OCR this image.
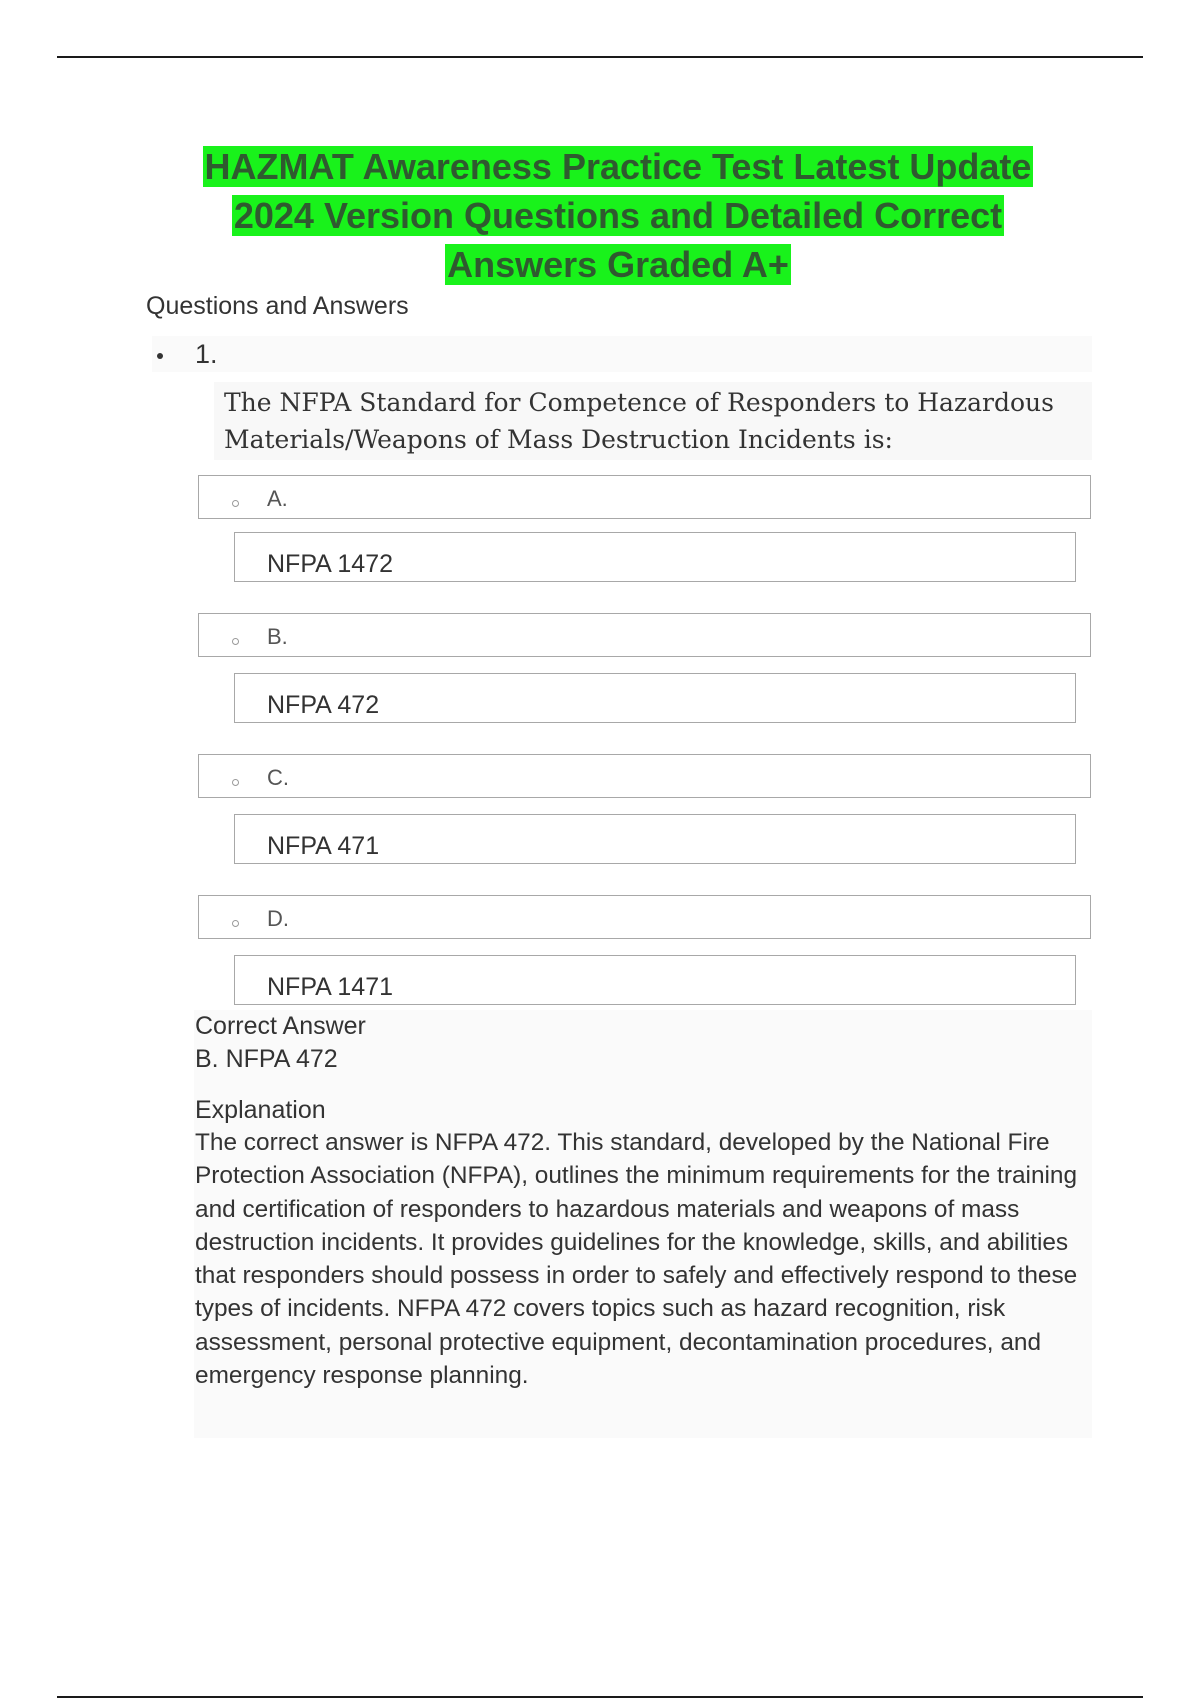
HAZMAT Awareness Practice Test Latest Update
2024 Version Questions and Detailed Correct
Answers Graded A+
Questions and Answers
1.
The NFPA Standard for Competence of Responders to Hazardous Materials/Weapons of Mass Destruction Incidents is:
A.
NFPA 1472
B.
NFPA 472
C.
NFPA 471
D.
NFPA 1471
Correct Answer
B. NFPA 472
Explanation
The correct answer is NFPA 472. This standard, developed by the National Fire Protection Association (NFPA), outlines the minimum requirements for the training and certification of responders to hazardous materials and weapons of mass destruction incidents. It provides guidelines for the knowledge, skills, and abilities that responders should possess in order to safely and effectively respond to these types of incidents. NFPA 472 covers topics such as hazard recognition, risk assessment, personal protective equipment, decontamination procedures, and emergency response planning.
